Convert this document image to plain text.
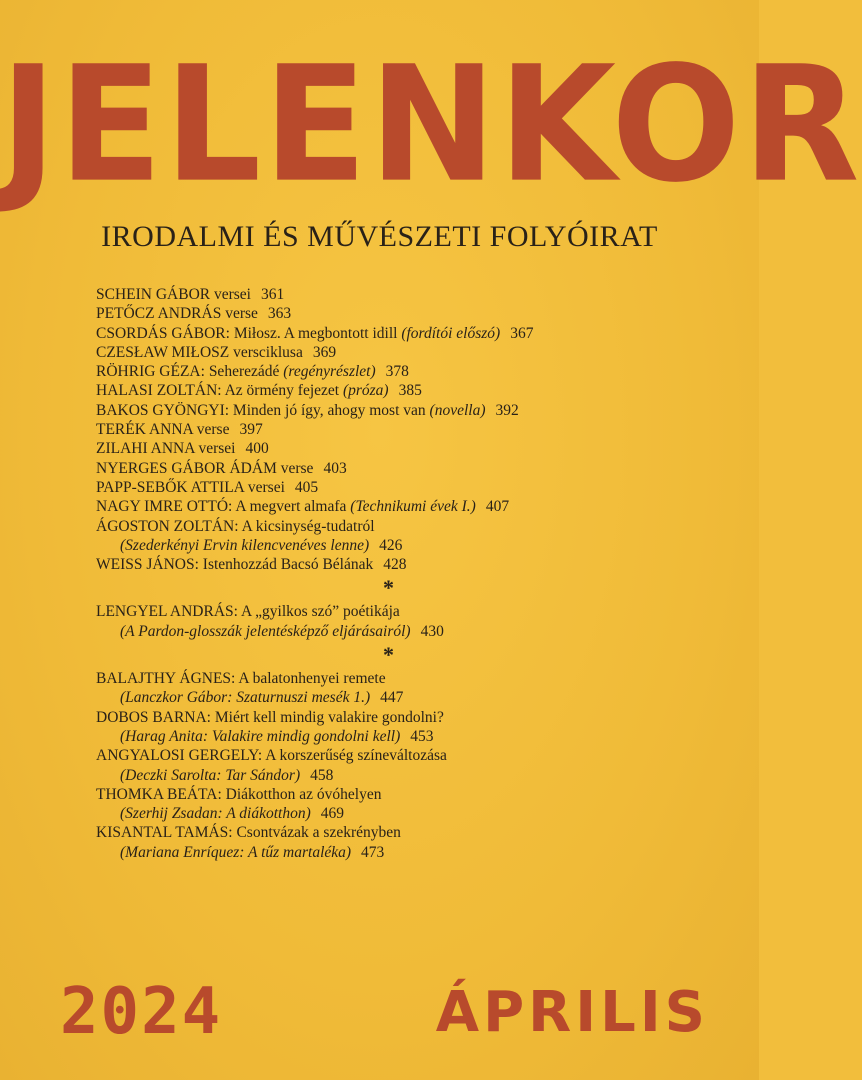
JELENKOR
IRODALMI ÉS MŰVÉSZETI FOLYÓIRAT
SCHEIN GÁBOR versei 361
PETŐCZ ANDRÁS verse 363
CSORDÁS GÁBOR: Miłosz. A megbontott idill (fordítói előszó) 367
CZESŁAW MIŁOSZ versciklusa 369
RÖHRIG GÉZA: Seherezádé (regényrészlet) 378
HALASI ZOLTÁN: Az örmény fejezet (próza) 385
BAKOS GYÖNGYI: Minden jó így, ahogy most van (novella) 392
TERÉK ANNA verse 397
ZILAHI ANNA versei 400
NYERGES GÁBOR ÁDÁM verse 403
PAPP-SEBŐK ATTILA versei 405
NAGY IMRE OTTÓ: A megvert almafa (Technikumi évek I.) 407
ÁGOSTON ZOLTÁN: A kicsinység-tudatról
(Szederkényi Ervin kilencvenéves lenne) 426
WEISS JÁNOS: Istenhozzád Bacsó Bélának 428
*
LENGYEL ANDRÁS: A „gyilkos szó” poétikája
(A Pardon-glosszák jelentésképző eljárásairól) 430
*
BALAJTHY ÁGNES: A balatonhenyei remete
(Lanczkor Gábor: Szaturnuszi mesék 1.) 447
DOBOS BARNA: Miért kell mindig valakire gondolni?
(Harag Anita: Valakire mindig gondolni kell) 453
ANGYALOSI GERGELY: A korszerűség színeváltozása
(Deczki Sarolta: Tar Sándor) 458
THOMKA BEÁTA: Diákotthon az óvóhelyen
(Szerhij Zsadan: A diákotthon) 469
KISANTAL TAMÁS: Csontvázak a szekrényben
(Mariana Enríquez: A tűz martaléka) 473
2024	ÁPRILIS
